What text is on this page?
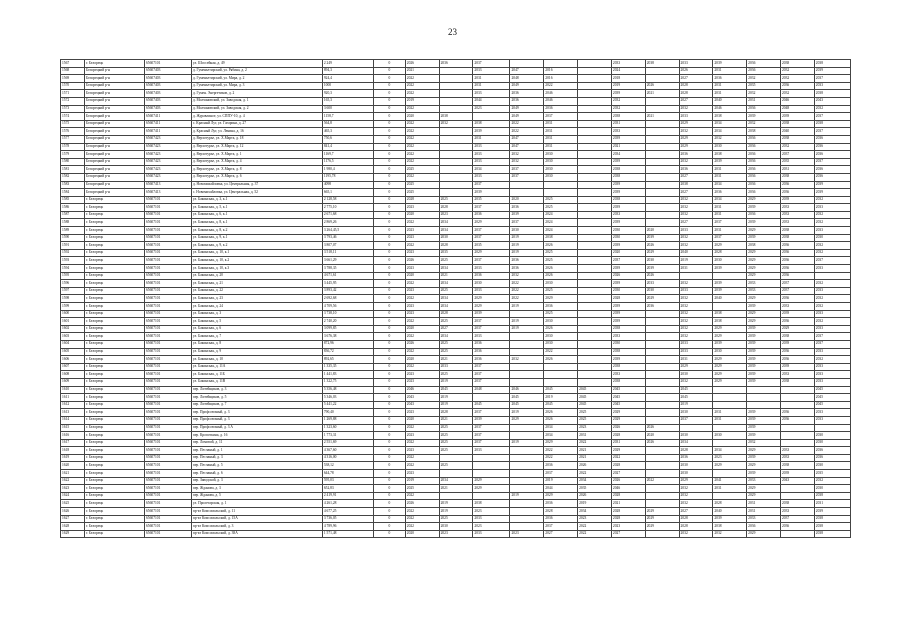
23
1567	г. Белорецк	65607101	ул. Шоссейная, д. 49	2 249	0	2026	2036	2037				2033	2038	2033	2039	2036	2038	2038
1568	Белорецкий р-н	65607403	д. Гуменьетирский, ул. Рябина, д. 2	894,3	0	2021		2033	2047	2016		2024		2026	2031	2036	2032	2039
1569	Белорецкий р-н	65607403	д. Гуменьетирский, ул. Мира, д. 2	924,4	0	2022		2031	2048	2016		2018		2027	2036	2032	2032	2037
1570	Белорецкий р-н	65607403	д. Гуменьетирский, ул. Мира, д. 3	1000	0	2022		2031	2049	2022		2019	2026	2028	2031	2035	2036	2033
1571	Белорецкий р-н	65607403	д. Гумен. Энергетиков, д. 2	920,3	0	2022		2033	2036	2046		2039	2021	2028	2031	2032	2032	2038
1572	Белорецкий р-н	65607403	д. Молчановский, ул. Заводская, д. 1	165,3	0	2019		2044	2036	2046		2032		2027	2040	2031	2046	2043
1573	Белорецкий р-н	65607403	д. Молчановский, ул. Заводская, д. 2	3 600	0	2022		2023	2049	2036		2032		2032	2046	2036	2048	2032
1574	Белорецкий р-н	65607411	д. Журавлиное, ул. СППУ-10, д. 4	1158,7	0	2020	2038		2049	2037		2038	2021	2033	2038	2039	2039	2037
1575	Белорецкий р-н	65607411	с. Красный Луг, ул. Гагарина, д. 27	564,8	0	2022	2032	2038	2022	2031		2031		2029	2034	2032	2038	2038
1576	Белорецкий р-н	65607411	д. Красный Луг, ул. Ленина, д. 16	465,3	0	2022		2039	2022	2031		2033		2032	2034	2038	2040	2037
1577	Белорецкий р-н	65607423	д. Верхотурье, ул. Х.Марта, д. 18	750,6	0	2022		2031	2047	2031		2039		2029	2032	2036	2038	2036
1578	Белорецкий р-н	65607423	д. Верхотурье, ул. Х.Марта, д. 12	841,4	0	2022		2033	2047	2031		2021		2029	2030	2036	2032	2036
1579	Белорецкий р-н	65607423	д. Верхотурье, ул. Х.Марта, д. 1	1169,7	0	2022		2033	2032	2030		2034		2036	2038	2036	2037	2036
1580	Белорецкий р-н	65607423	д. Верхотурье, ул. Х.Марта, д. 4	1176,5	0	2022		2033	2032	2030		2039		2032	2039	2036	2035	2037
1581	Белорецкий р-н	65607423	д. Верхотурье, ул. Х.Марта, д. 8	1 980,4	0	2025		2034	2037	2030		2038		2036	2031	2036	2031	2036
1582	Белорецкий р-н	65607423	д. Верхотурье, ул. Х.Марта, д. 6	1195,78	0	2022		2033	2037	2030		2038		2027	2031	2036	2038	2036
1583	Белорецкий р-н	65607413	д. Новомихайловка, ул. Центральная, д. 37	4098	0	2025		2037				2039		2038	2034	2036	2036	2039
1584	Белорецкий р-н	65607413	с. Новомихайловка, ул. Центральная, д. 52	665,1	0	2025		2039				2039		2027	2036	2036	2036	2039
1585	г. Белорецк	65607101	ул. Бакинская, д. 3, к.1	2 128,58	0	2028	2025	2035	2020	2025		2038		2032	2034	2029	2039	2032
1586	г. Белорецк	65607101	ул. Бакинская, д. 5, к.1	2 775,10	0	2023	2028	2037	2036	2025		2039		2032	2031	2039	2033	2033
1587	г. Белорецк	65607101	ул. Бакинская, д. 6, к.1	2 671,68	0	2020	2023	2036	2039	2024		2033		2032	2031	2036	2033	2032
1588	г. Белорецк	65607101	ул. Бакинская, д. 8, к.1	2 869,26	0	2022	2034	2029	2037	2024		2039		2027	2037	2039	2033	2032
1589	г. Белорецк	65607101	ул. Бакинская, д. 8, к.2	3 264,45,5	0	2023	2034	2037	2030	2024		2030	2020	2033	2031	2029	2038	2033
1590	г. Белорецк	65607101	ул. Бакинская, д. 9, к.1	3 793,46	0	2023	2030	2037	2019	2038		2030	2039	2032	2037	2039	2038	2030
1591	г. Белорецк	65607101	ул. Бакинская, д. 9, к.2	3 807,07	0	2022	2028	2035	2019	2026		2039	2026	2032	2029	2038	2036	2032
1592	г. Белорецк	65607101	ул. Бакинская, д. 10, к.1	3 518,11	0	2023	2035	2029	2019	2025		2020	2029	2040	2028	2029	2036	2032
1593	г. Белорецк	65607101	ул. Бакинская, д. 10, к.2	3 661,29	0	2026	2025	2037	2036	2025		2037	2030	2019	2030	2029	2036	2037
1594	г. Белорецк	65607101	ул. Бакинская, д. 10, к.3	3 788,35	0	2023	2034	2033	2036	2026		2039	2039	2031	2039	2029	2036	2033
1595	г. Белорецк	65607101	ул. Бакинская, д. 20	4 671,61	0	2020	2021	2036	2032	2026		2026	2026			2029	2036	
1596	г. Белорецк	65607101	ул. Бакинская, д. 21	3 445,95	0	2022	2034	2030	2022	2030		2039	2033	2032	2039	2033	2037	2032
1597	г. Белорецк	65607101	ул. Бакинская, д. 22	3 893,42	0	2023	2025	2033	2022	2025		2030	2030	2033	2039	2033	2037	2033
1598	г. Белорецк	65607101	ул. Бакинская, д. 23	2 692,68	0	2022	2034	2029	2022	2029		2028	2029	2032	2040	2029	2036	2032
1599	г. Белорецк	65607101	ул. Бакинская, д. 24	4 709,56	0	2023	2034	2029	2019	2036		2039	2036	2032		2039	2033	2032
1600	г. Белорецк	65607101	ул. Бакинская, д. 3	3 738,10	0	2023	2028	2039		2025		2039		2032	2038	2029	2039	2033
1601	г. Белорецк	65607101	ул. Бакинская, д. 5	2 740,20	0	2022	2025	2037	2019	2030		2039		2032	2038	2029	2036	2032
1602	г. Белорецк	65607101	ул. Бакинская, д. 6	3 099,85	0	2020	2027	2037	2019	2026		2038		2032	2029	2039	2029	2033
1603	г. Белорецк	65607101	ул. Бакинская, д. 7	3 676,38	0	2022	2034	2033		2030		2033		2032	2029	2039	2038	2037
1604	г. Белорецк	65607101	ул. Бакинская, д. 8	872,96	0	2026	2025	2036		2030		2030		2033	2039	2039	2039	2037
1605	г. Белорецк	65607101	ул. Бакинская, д. 9	836,72	0	2022	2025	2036		2022		2038		2033	2030	2039	2036	2033
1606	г. Белорецк	65607101	ул. Бакинская, д. 10	892,65	0	2020	2021	2036	2032	2026		2039		2031	2029	2039	2036	2032
1607	г. Белорецк	65607101	ул. Бакинская, д. 11А	1 335,35	0	2022	2033	2037				2038		2029	2029	2039	2039	2033
1608	г. Белорецк	65607101	ул. Бакинская, д. 11Б	1 441,83	0	2023	2025	2037				2033		2030	2029	2039	2033	2033
1609	г. Белорецк	65607101	ул. Бакинская, д. 11В	1 322,75	0	2023	2019	2037				2038		2032	2029	2039	2038	2033
1610	г. Белорецк	65607101	пер. Литейщиков, д. 3	5 356,48	0	2046	2045	2048	2046	2045	2045	2045		2045				2045
1611	г. Белорецк	65607101	пер. Литейщиков, д. 5	5 346,03	0	2043	2019		2045	2019	2045	2045		2045				2045
1612	г. Белорецк	65607101	пер. Литейщиков, д. 7	5 441,22	0	2043	2019	2045	2045	2045	2045	2045		2019				2045
1613	г. Белорецк	65607101	пер. Профсоюзный, д. 3	790,40	0	2023	2028	2037	2019	2026	2025	2029		2030	2031	2039	2036	2033
1614	г. Белорецк	65607101	пер. Профсоюзный, д. 3	1 269,88	0	2020	2021	2039	2029	2026	2025	2029		2037	2031	2039	2036	2033
1615	г. Белорецк	65607101	пер. Профсоюзный, д. 3 А	1 323,60	0	2022	2025	2037		2034	2023	2026	2026			2039		
1616	г. Белорецк	65607101	пер. Кропоткина, д. 16	1 773,31	0	2023	2025	2037		2034	2031	2028	2020	2030	2030	2039		2030
1617	г. Белорецк	65607101	пер. Ломовой, д. 11	2 551,69	0	2022	2025	2037	2019	2029	2022	2031	2026	2034		2032		2030
1618	г. Белорецк	65607101	пер. Песчаный, д. 1	4 367,60	0	2023	2025	2033		2022	2021	2029		2028	2034	2029	2033	2036
1619	г. Белорецк	65607101	пер. Песчаный, д. 3	4 316,00	0	2022				2022	2021	2022		2036	2023	2039	2033	2036
1620	г. Белорецк	65607101	пер. Песчаный, д. 5	538,12	0	2022	2025			2036	2026	2028		2030	2029	2029	2038	2030
1621	г. Белорецк	65607101	пер. Песчаный, д. 6	644,78	0	2023				2037	2022	2027		2030		2039	2039	2035
1622	г. Белорецк	65607101	пер. Заводской, д. 3	595,03	0	2019	2034	2029		2019	2034	2026	2022	2029	2041	2033	2043	2032
1623	г. Белорецк	65607101	пер. Жданова, д. 3	652,83	0	2025	2021	2029		2044	2035	2046		2032	2031	2029		2030
1624	г. Белорецк	65607101	пер. Жданова, д. 5	2 419,91	0	2022			2019	2029	2026	2028		2032		2029		2038
1625	г. Белорецк	65607101	ул. Пролетарская, д. 1	4 261,28	0	2026	2019	2038		2036	2019	2021		2032	2028	2031	2038	2031
1626	г. Белорецк	65607101	пр-кт Комсомольский, д. 11	4 677,25	0	2022	2019	2023		2028	2034	2028	2029	2027	2040	2031	2033	2039
1627	г. Белорецк	65607101	пр-кт Комсомольский, д. 15А	3 736,05	0	2022	2025	2033		2036	2023	2028	2029	2028	2039	2033	2037	2038
1628	г. Белорецк	65607101	пр-кт Комсомольский, д. 3	4 789,96	0	2022	2030	2023		2037	2022	2023	2029	2028	2038	2036	2036	2038
1629	г. Белорецк	65607101	пр-кт Комсомольский, д. 38А	1 571,48	0	2020	2023	2033	2023	2027	2022	2027		2032	2032	2029		2038
